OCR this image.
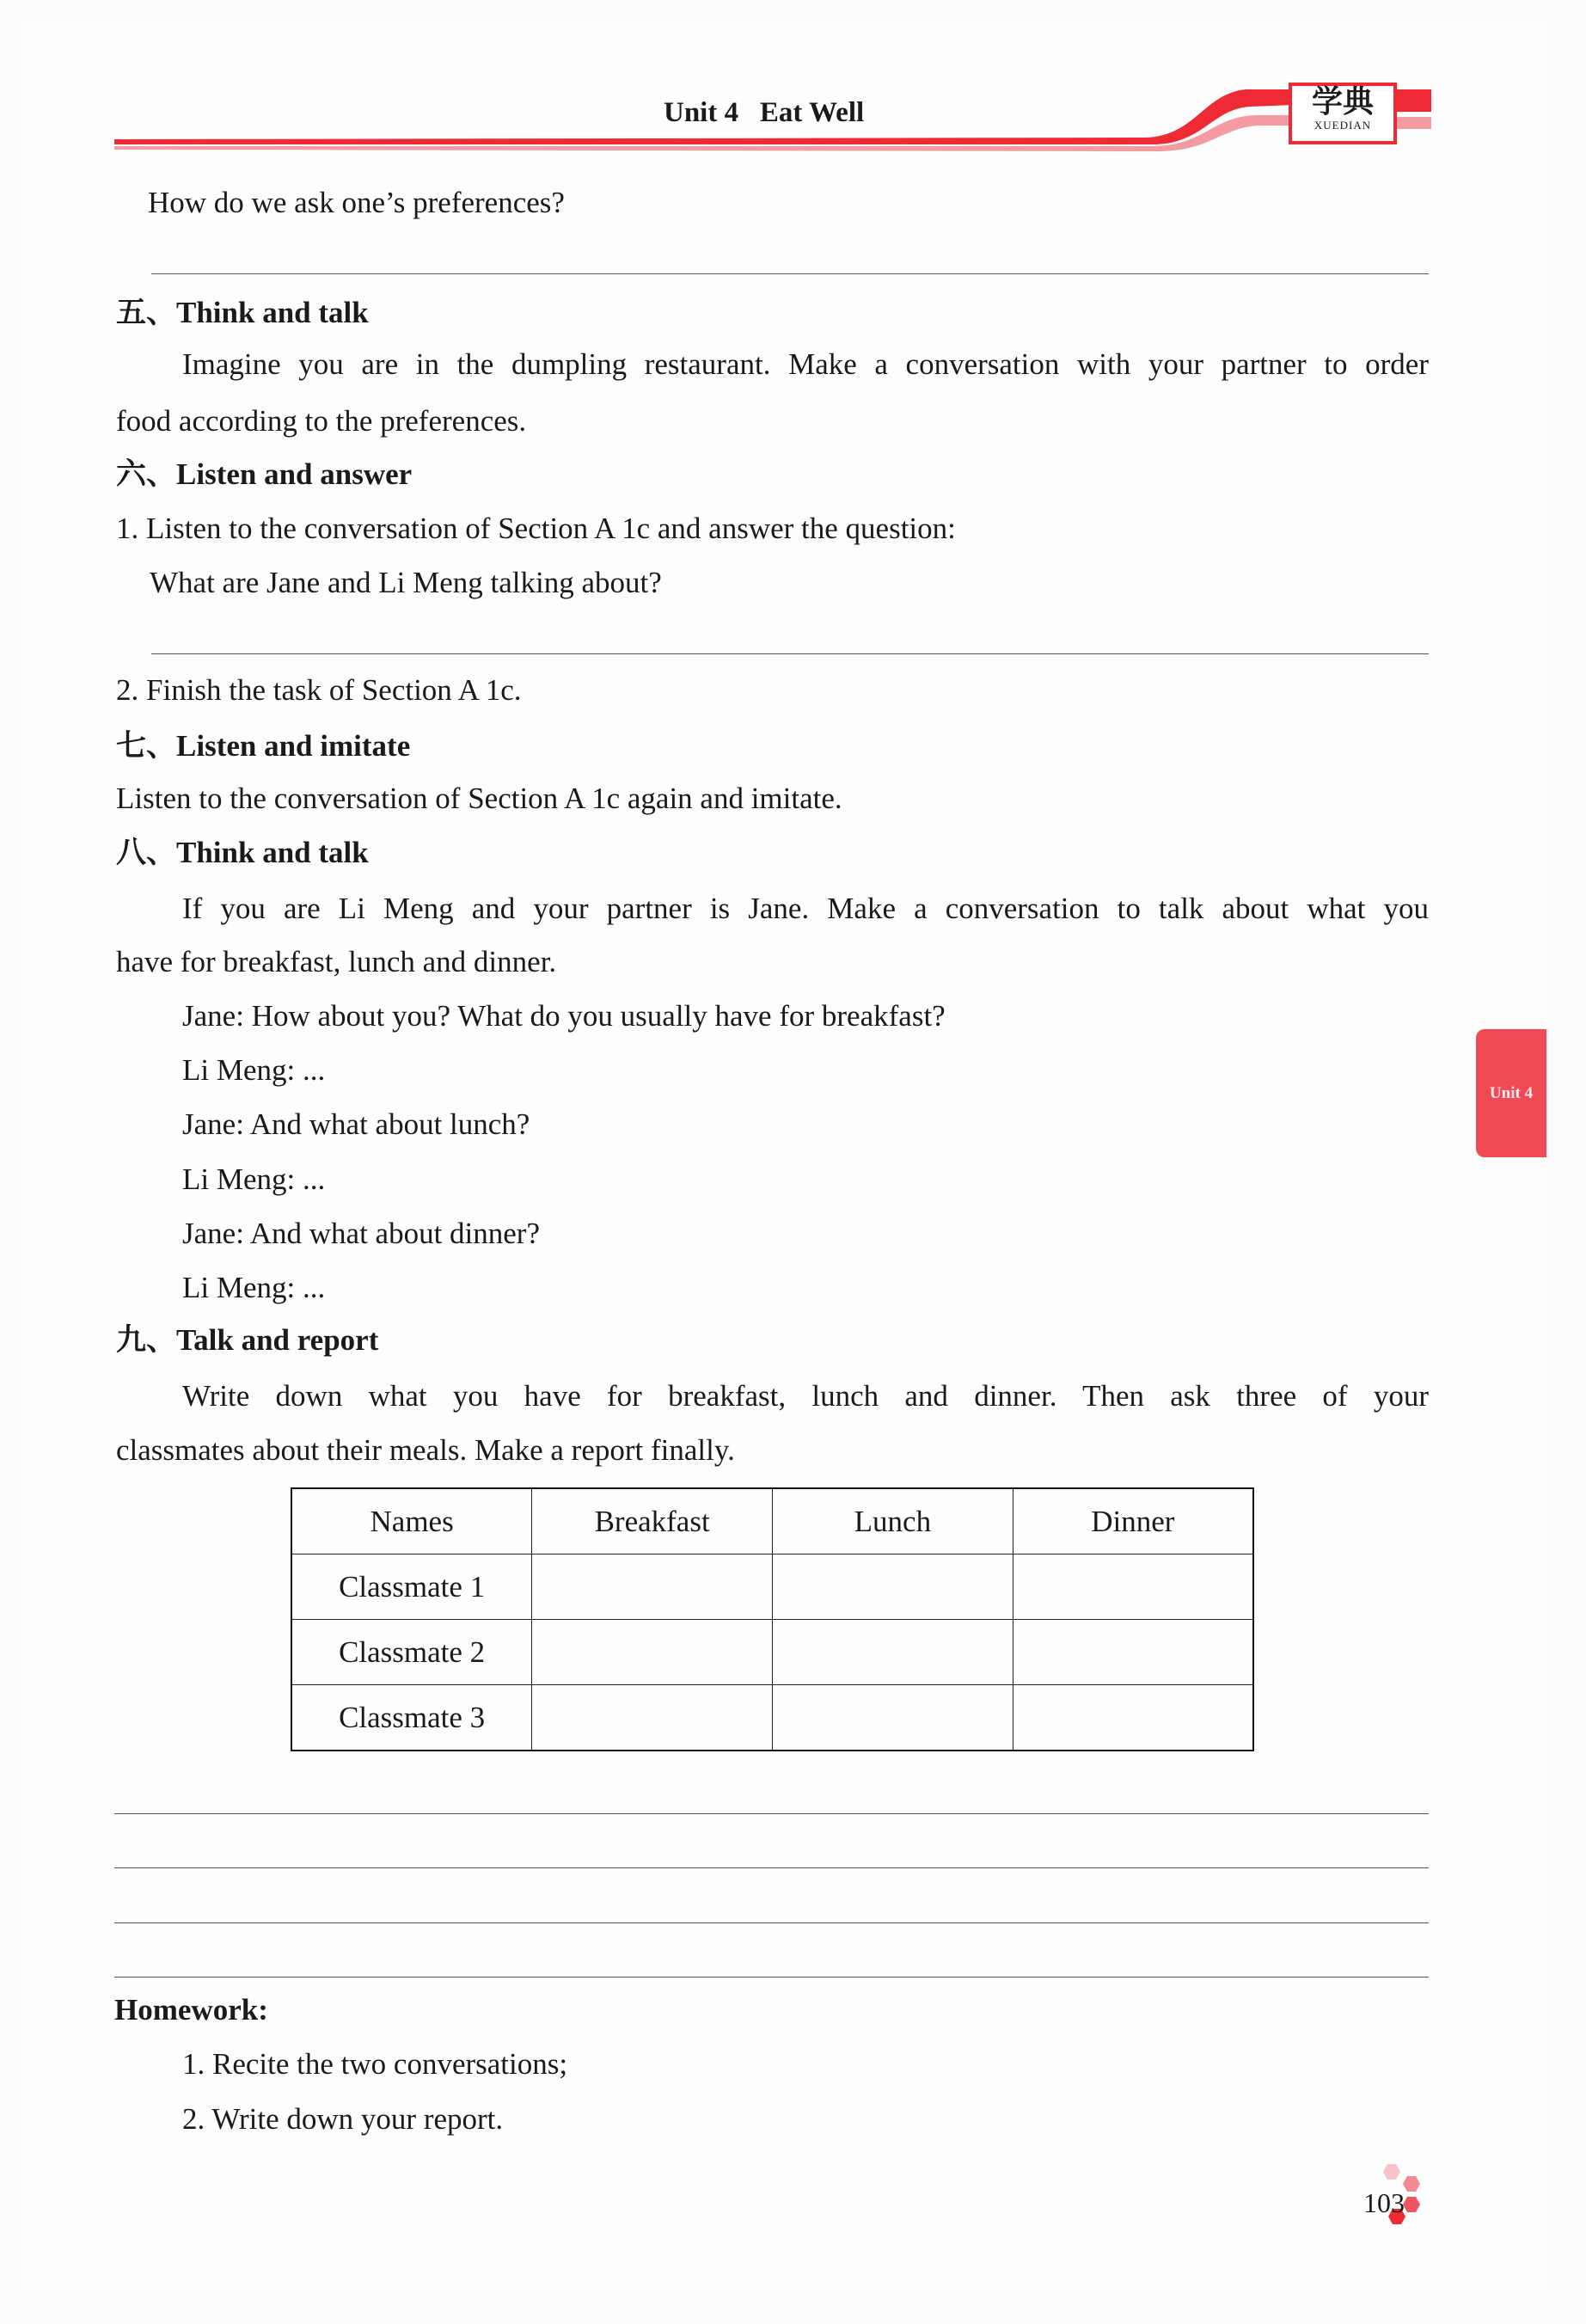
Unit 4 Eat Well	学典
XUEDIAN
How do we ask one’s preferences?
五、Think and talk
Imagine you are in the dumpling restaurant. Make a conversation with your partner to order
food according to the preferences.
六、Listen and answer
1. Listen to the conversation of Section A 1c and answer the question:
What are Jane and Li Meng talking about?
2. Finish the task of Section A 1c.
七、Listen and imitate
Listen to the conversation of Section A 1c again and imitate.
八、Think and talk
If you are Li Meng and your partner is Jane. Make a conversation to talk about what you
have for breakfast, lunch and dinner.
Jane: How about you? What do you usually have for breakfast?
Li Meng: ...
Jane: And what about lunch?
Li Meng: ...
Jane: And what about dinner?
Li Meng: ...
九、Talk and report
Write down what you have for breakfast, lunch and dinner. Then ask three of your
classmates about their meals. Make a report finally.
Names	Breakfast	Lunch	Dinner
Classmate 1			
Classmate 2			
Classmate 3			
Homework:
1. Recite the two conversations;
2. Write down your report.
Unit 4
103
